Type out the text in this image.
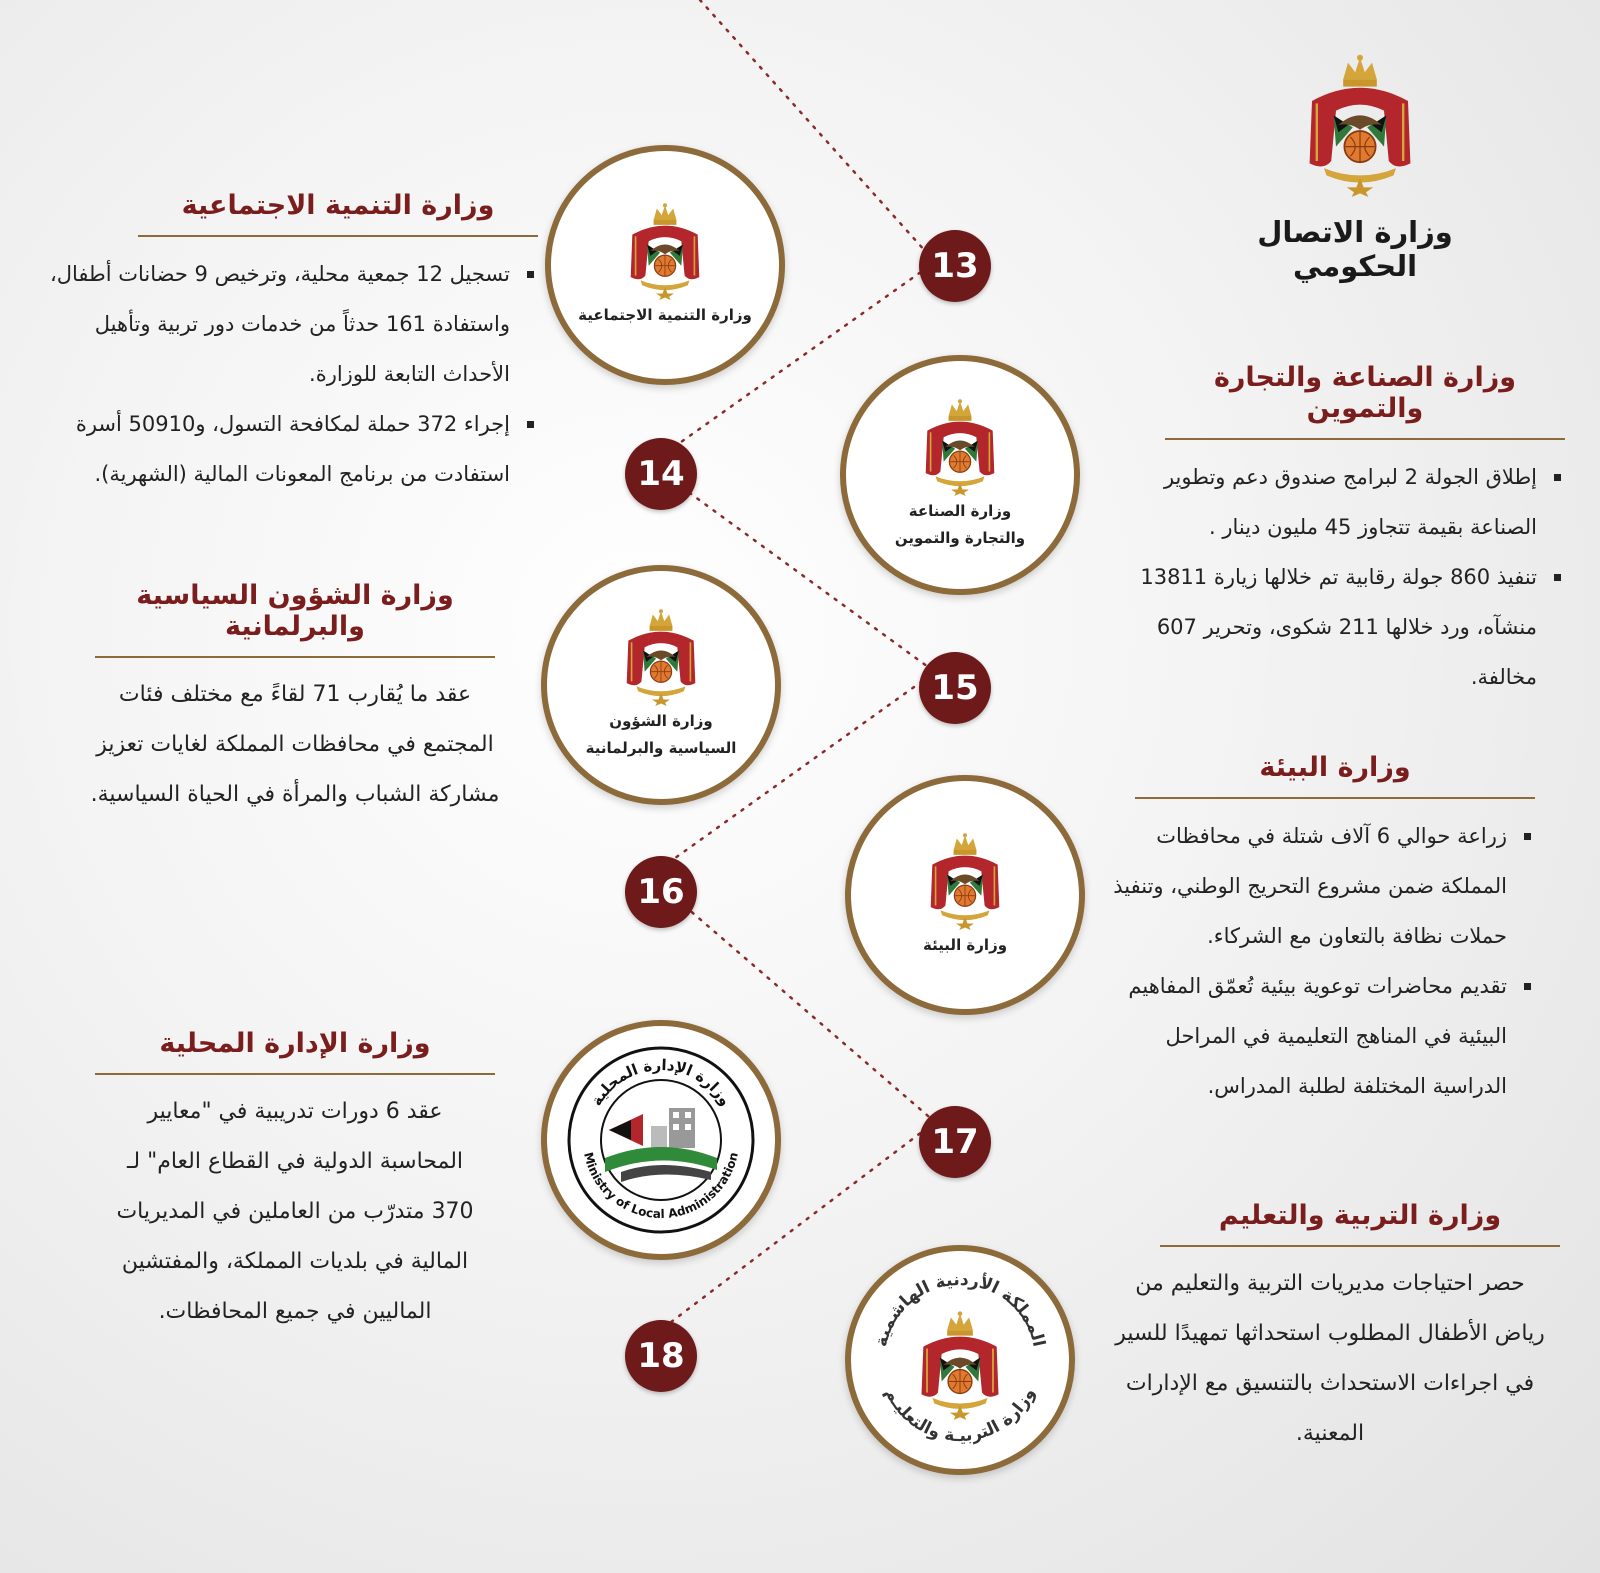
وزارة الاتصال الحكومي
13
14
15
16
17
18
وزارة التنمية الاجتماعية
وزارة الصناعة
والتجارة والتموين
وزارة الشؤون
السياسية والبرلمانية
وزارة البيئة
وزارة الإدارة المحلية
Ministry of Local Administration
المملكة الأردنية الهاشمية
وزارة التربيـة والتعليـم
وزارة التنمية الاجتماعية
تسجيل 12 جمعية محلية، وترخيص 9 حضانات أطفال، واستفادة 161 حدثاً من خدمات دور تربية وتأهيل الأحداث التابعة للوزارة.
إجراء 372 حملة لمكافحة التسول، و50910 أسرة استفادت من برنامج المعونات المالية (الشهرية).
وزارة الصناعة والتجارة والتموين
إطلاق الجولة 2 لبرامج صندوق دعم وتطوير الصناعة بقيمة تتجاوز 45 مليون دينار .
تنفيذ 860 جولة رقابية تم خلالها زيارة 13811 منشآه، ورد خلالها 211 شكوى، وتحرير 607 مخالفة.
وزارة الشؤون السياسية والبرلمانية

عقد ما يُقارب 71 لقاءً مع مختلف فئات المجتمع في محافظات المملكة لغايات تعزيز مشاركة الشباب والمرأة في الحياة السياسية.

وزارة البيئة
زراعة حوالي 6 آلاف شتلة في محافظات المملكة ضمن مشروع التحريج الوطني، وتنفيذ حملات نظافة بالتعاون مع الشركاء.
تقديم محاضرات توعوية بيئية تُعمّق المفاهيم البيئية في المناهج التعليمية في المراحل الدراسية المختلفة لطلبة المدراس.
وزارة الإدارة المحلية

عقد 6 دورات تدريبية في "معايير المحاسبة الدولية في القطاع العام" لـ 370 متدرّب من العاملين في المديريات المالية في بلديات المملكة، والمفتشين الماليين في جميع المحافظات.

وزارة التربية والتعليم

حصر احتياجات مديريات التربية والتعليم من رياض الأطفال المطلوب استحداثها تمهيدًا للسير في اجراءات الاستحداث بالتنسيق مع الإدارات المعنية.
